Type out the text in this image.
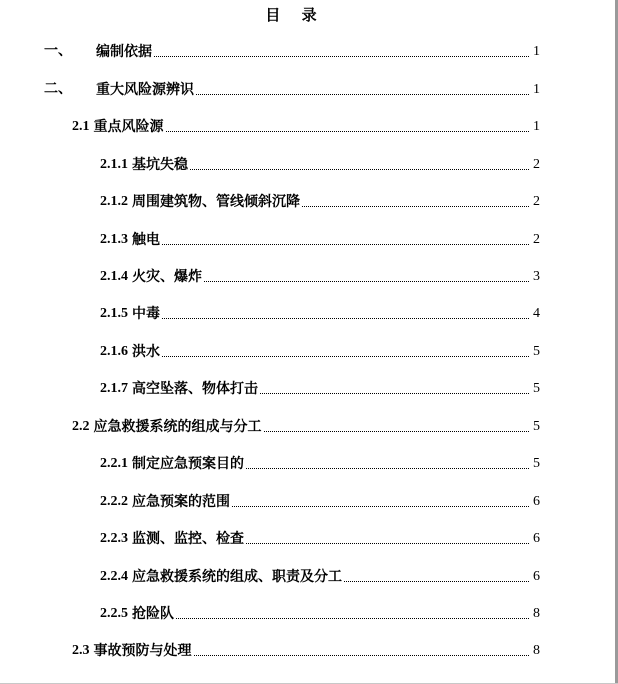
目 录
一、	编制依据	1
二、	重大风险源辨识	1
2.1 重点风险源	1
2.1.1 基坑失稳	2
2.1.2 周围建筑物、管线倾斜沉降	2
2.1.3 触电	2
2.1.4 火灾、爆炸	3
2.1.5 中毒	4
2.1.6 洪水	5
2.1.7 高空坠落、物体打击	5
2.2 应急救援系统的组成与分工	5
2.2.1 制定应急预案目的	5
2.2.2 应急预案的范围	6
2.2.3 监测、监控、检查	6
2.2.4 应急救援系统的组成、职责及分工	6
2.2.5 抢险队	8
2.3 事故预防与处理	8
